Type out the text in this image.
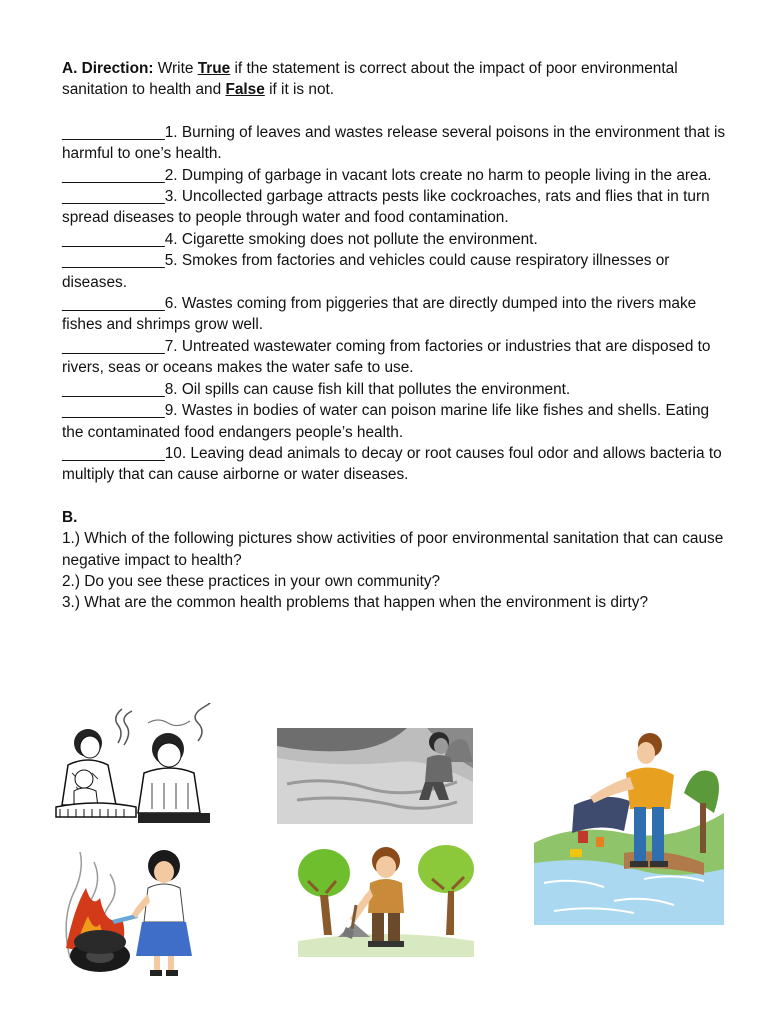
A. Direction: Write True if the statement is correct about the impact of poor environmental sanitation to health and False if it is not.

____________1. Burning of leaves and wastes release several poisons in the environment that is harmful to one’s health.

____________2. Dumping of garbage in vacant lots create no harm to people living in the area.

____________3. Uncollected garbage attracts pests like cockroaches, rats and flies that in turn spread diseases to people through water and food contamination.

____________4. Cigarette smoking does not pollute the environment.

____________5. Smokes from factories and vehicles could cause respiratory illnesses or diseases.

____________6. Wastes coming from piggeries that are directly dumped into the rivers make fishes and shrimps grow well.

____________7. Untreated wastewater coming from factories or industries that are disposed to rivers, seas or oceans makes the water safe to use.

____________8. Oil spills can cause fish kill that pollutes the environment.

____________9. Wastes in bodies of water can poison marine life like fishes and shells. Eating the contaminated food endangers people’s health.

____________10. Leaving dead animals to decay or root causes foul odor and allows bacteria to multiply that can cause airborne or water diseases.

B.

1.) Which of the following pictures show activities of poor environmental sanitation that can cause negative impact to health?

2.) Do you see these practices in your own community?

3.) What are the common health problems that happen when the environment is dirty?
